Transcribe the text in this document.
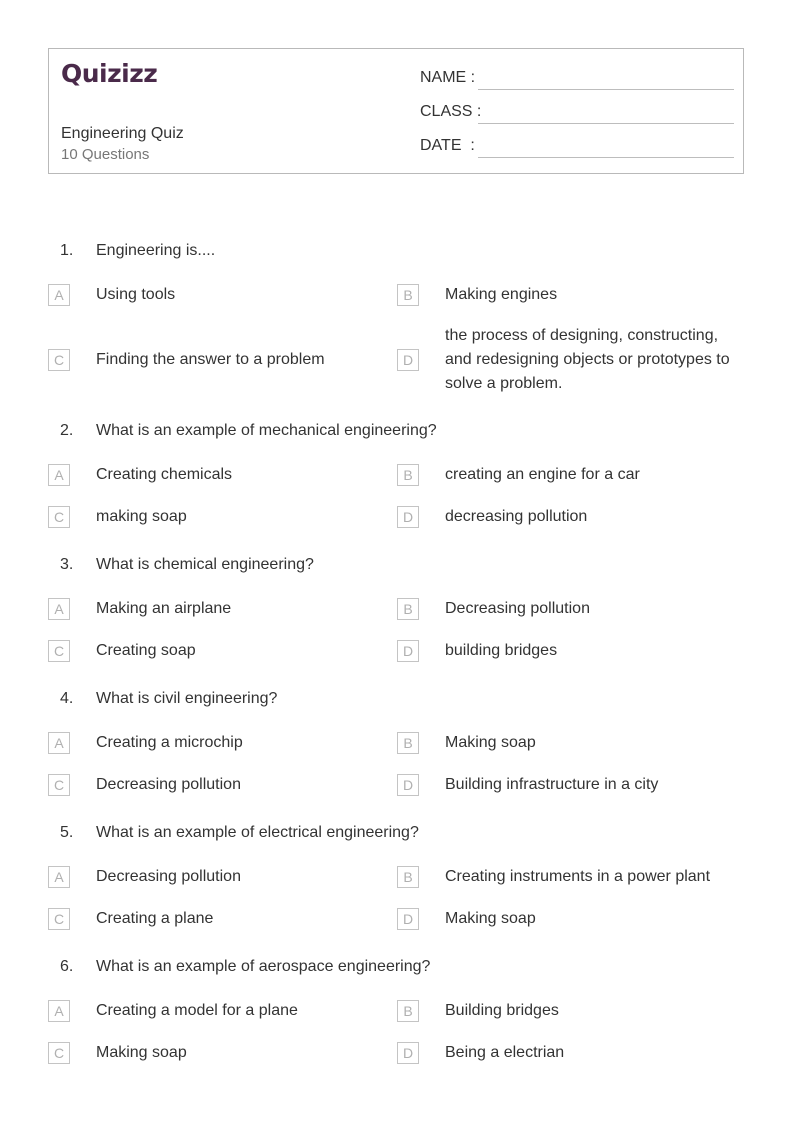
Quizizz
Engineering Quiz
10 Questions
NAME :
CLASS :
DATE  :
1. Engineering is....
A	Using tools	B	Making engines
C	Finding the answer to a problem	D
the process of designing, constructing, and redesigning objects or prototypes to solve a problem.
2. What is an example of mechanical engineering?
A	Creating chemicals	B	creating an engine for a car
C	making soap	D	decreasing pollution
3. What is chemical engineering?
A	Making an airplane	B	Decreasing pollution
C	Creating soap	D	building bridges
4. What is civil engineering?
A	Creating a microchip	B	Making soap
C	Decreasing pollution	D	Building infrastructure in a city
5. What is an example of electrical engineering?
A	Decreasing pollution	B	Creating instruments in a power plant
C	Creating a plane	D	Making soap
6. What is an example of aerospace engineering?
A	Creating a model for a plane	B	Building bridges
C	Making soap	D	Being a electrian
